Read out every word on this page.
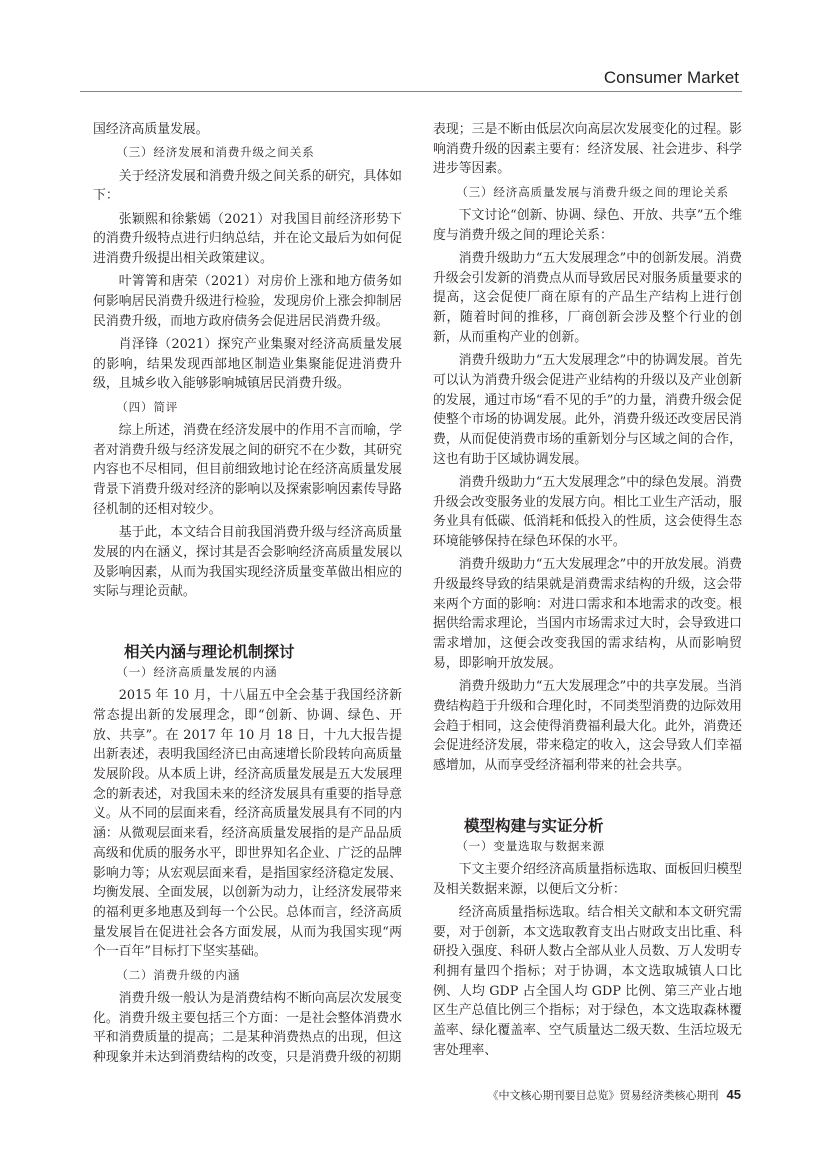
Consumer Market

国经济高质量发展。

（三）经济发展和消费升级之间关系

关于经济发展和消费升级之间关系的研究，具体如下：

张颖熙和徐紫嫣（2021）对我国目前经济形势下的消费升级特点进行归纳总结，并在论文最后为如何促进消费升级提出相关政策建议。

叶箐箐和唐荣（2021）对房价上涨和地方债务如何影响居民消费升级进行检验，发现房价上涨会抑制居民消费升级，而地方政府债务会促进居民消费升级。

肖泽锋（2021）探究产业集聚对经济高质量发展的影响，结果发现西部地区制造业集聚能促进消费升级，且城乡收入能够影响城镇居民消费升级。

（四）简评

综上所述，消费在经济发展中的作用不言而喻，学者对消费升级与经济发展之间的研究不在少数，其研究内容也不尽相同，但目前细致地讨论在经济高质量发展背景下消费升级对经济的影响以及探索影响因素传导路径机制的还相对较少。

基于此，本文结合目前我国消费升级与经济高质量发展的内在涵义，探讨其是否会影响经济高质量发展以及影响因素，从而为我国实现经济质量变革做出相应的实际与理论贡献。

相关内涵与理论机制探讨

（一）经济高质量发展的内涵

2015 年 10 月，十八届五中全会基于我国经济新常态提出新的发展理念，即“创新、协调、绿色、开放、共享”。在 2017 年 10 月 18 日，十九大报告提出新表述，表明我国经济已由高速增长阶段转向高质量发展阶段。从本质上讲，经济高质量发展是五大发展理念的新表述，对我国未来的经济发展具有重要的指导意义。从不同的层面来看，经济高质量发展具有不同的内涵：从微观层面来看，经济高质量发展指的是产品品质高级和优质的服务水平，即世界知名企业、广泛的品牌影响力等；从宏观层面来看，是指国家经济稳定发展、均衡发展、全面发展，以创新为动力，让经济发展带来的福利更多地惠及到每一个公民。总体而言，经济高质量发展旨在促进社会各方面发展，从而为我国实现“两个一百年”目标打下坚实基础。

（二）消费升级的内涵

消费升级一般认为是消费结构不断向高层次发展变化。消费升级主要包括三个方面：一是社会整体消费水平和消费质量的提高；二是某种消费热点的出现，但这种现象并未达到消费结构的改变，只是消费升级的初期

表现；三是不断由低层次向高层次发展变化的过程。影响消费升级的因素主要有：经济发展、社会进步、科学进步等因素。

（三）经济高质量发展与消费升级之间的理论关系

下文讨论“创新、协调、绿色、开放、共享”五个维度与消费升级之间的理论关系：

消费升级助力“五大发展理念”中的创新发展。消费升级会引发新的消费点从而导致居民对服务质量要求的提高，这会促使厂商在原有的产品生产结构上进行创新，随着时间的推移，厂商创新会涉及整个行业的创新，从而重构产业的创新。

消费升级助力“五大发展理念”中的协调发展。首先可以认为消费升级会促进产业结构的升级以及产业创新的发展，通过市场“看不见的手”的力量，消费升级会促使整个市场的协调发展。此外，消费升级还改变居民消费，从而促使消费市场的重新划分与区域之间的合作，这也有助于区域协调发展。

消费升级助力“五大发展理念”中的绿色发展。消费升级会改变服务业的发展方向。相比工业生产活动，服务业具有低碳、低消耗和低投入的性质，这会使得生态环境能够保持在绿色环保的水平。

消费升级助力“五大发展理念”中的开放发展。消费升级最终导致的结果就是消费需求结构的升级，这会带来两个方面的影响：对进口需求和本地需求的改变。根据供给需求理论，当国内市场需求过大时，会导致进口需求增加，这便会改变我国的需求结构，从而影响贸易，即影响开放发展。

消费升级助力“五大发展理念”中的共享发展。当消费结构趋于升级和合理化时，不同类型消费的边际效用会趋于相同，这会使得消费福利最大化。此外，消费还会促进经济发展，带来稳定的收入，这会导致人们幸福感增加，从而享受经济福利带来的社会共享。

模型构建与实证分析

（一）变量选取与数据来源

下文主要介绍经济高质量指标选取、面板回归模型及相关数据来源，以便后文分析：

经济高质量指标选取。结合相关文献和本文研究需要，对于创新，本文选取教育支出占财政支出比重、科研投入强度、科研人数占全部从业人员数、万人发明专利拥有量四个指标；对于协调，本文选取城镇人口比例、人均 GDP 占全国人均 GDP 比例、第三产业占地区生产总值比例三个指标；对于绿色，本文选取森林覆盖率、绿化覆盖率、空气质量达二级天数、生活垃圾无害处理率、

《中文核心期刊要目总览》贸易经济类核心期刊 45
